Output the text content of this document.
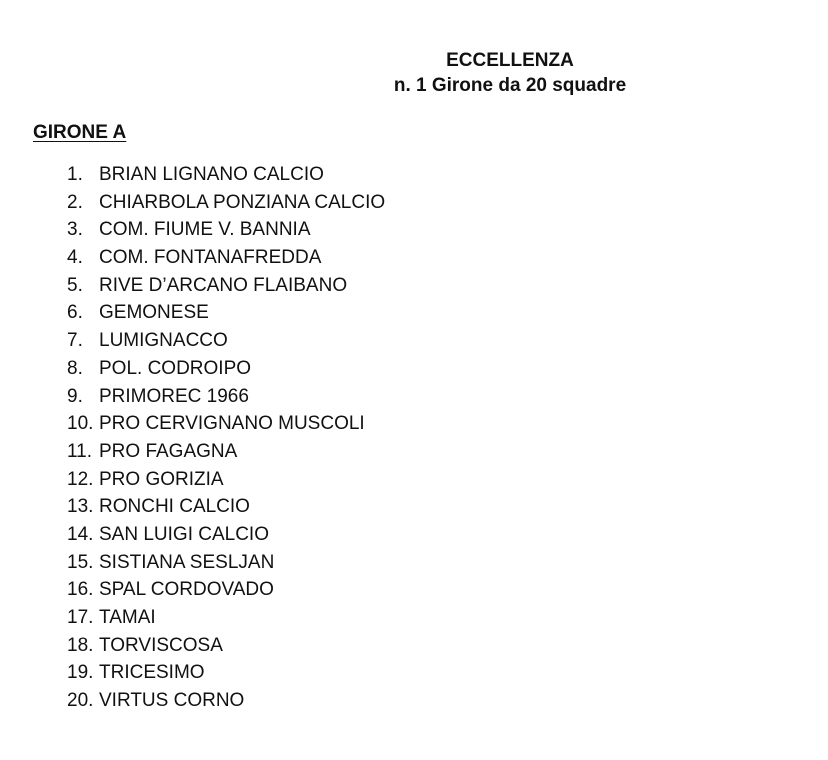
ECCELLENZA
n. 1 Girone da 20 squadre
GIRONE A
1. BRIAN LIGNANO CALCIO
2. CHIARBOLA PONZIANA CALCIO
3. COM. FIUME V. BANNIA
4. COM. FONTANAFREDDA
5. RIVE D’ARCANO FLAIBANO
6. GEMONESE
7. LUMIGNACCO
8. POL. CODROIPO
9. PRIMOREC 1966
10. PRO CERVIGNANO MUSCOLI
11. PRO FAGAGNA
12. PRO GORIZIA
13. RONCHI CALCIO
14. SAN LUIGI CALCIO
15. SISTIANA SESLJAN
16. SPAL CORDOVADO
17. TAMAI
18. TORVISCOSA
19. TRICESIMO
20. VIRTUS CORNO
